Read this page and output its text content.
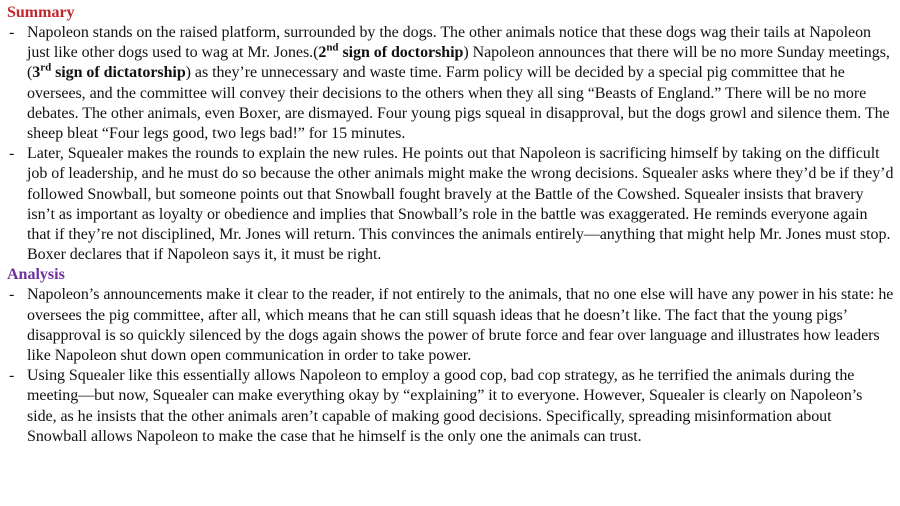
Summary
- Napoleon stands on the raised platform, surrounded by the dogs. The other animals notice that these dogs wag their tails at Napoleon just like other dogs used to wag at Mr. Jones.(2nd sign of doctorship) Napoleon announces that there will be no more Sunday meetings, (3rd sign of dictatorship) as they’re unnecessary and waste time. Farm policy will be decided by a special pig committee that he oversees, and the committee will convey their decisions to the others when they all sing “Beasts of England.” There will be no more debates. The other animals, even Boxer, are dismayed. Four young pigs squeal in disapproval, but the dogs growl and silence them. The sheep bleat “Four legs good, two legs bad!” for 15 minutes.
- Later, Squealer makes the rounds to explain the new rules. He points out that Napoleon is sacrificing himself by taking on the difficult job of leadership, and he must do so because the other animals might make the wrong decisions. Squealer asks where they’d be if they’d followed Snowball, but someone points out that Snowball fought bravely at the Battle of the Cowshed. Squealer insists that bravery isn’t as important as loyalty or obedience and implies that Snowball’s role in the battle was exaggerated. He reminds everyone again that if they’re not disciplined, Mr. Jones will return. This convinces the animals entirely—anything that might help Mr. Jones must stop. Boxer declares that if Napoleon says it, it must be right.
Analysis
- Napoleon’s announcements make it clear to the reader, if not entirely to the animals, that no one else will have any power in his state: he oversees the pig committee, after all, which means that he can still squash ideas that he doesn’t like. The fact that the young pigs’ disapproval is so quickly silenced by the dogs again shows the power of brute force and fear over language and illustrates how leaders like Napoleon shut down open communication in order to take power.
- Using Squealer like this essentially allows Napoleon to employ a good cop, bad cop strategy, as he terrified the animals during the meeting—but now, Squealer can make everything okay by “explaining” it to everyone. However, Squealer is clearly on Napoleon’s side, as he insists that the other animals aren’t capable of making good decisions. Specifically, spreading misinformation about Snowball allows Napoleon to make the case that he himself is the only one the animals can trust.
